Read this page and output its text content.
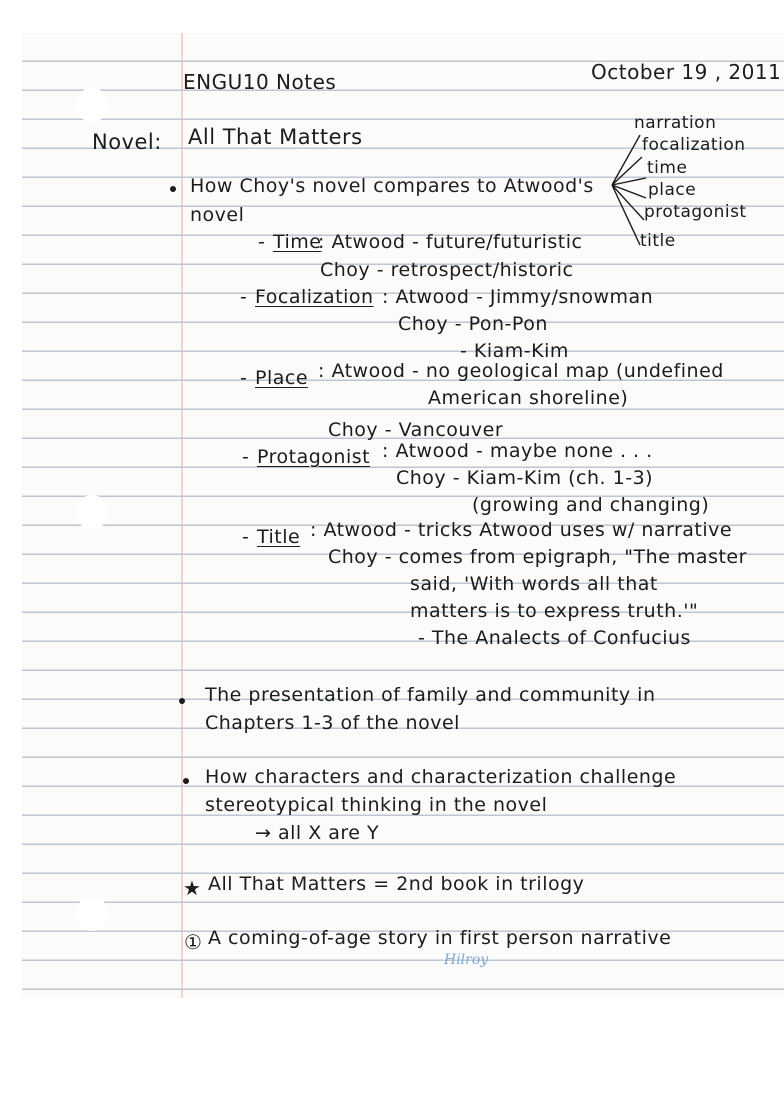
ENGU10 Notes	October 19 , 2011
Novel: All That Matters
narration
focalization
time
place
protagonist
title
How Choy's novel compares to Atwood's
novel
- Time
: Atwood - future/futuristic
Choy - retrospect/historic
- Focalization : Atwood - Jimmy/snowman
Choy - Pon-Pon
- Kiam-Kim
- Place : Atwood - no geological map (undefined
American shoreline)
Choy - Vancouver
- Protagonist : Atwood - maybe none . . .
Choy - Kiam-Kim (ch. 1-3)
(growing and changing)
- Title : Atwood - tricks Atwood uses w/ narrative
Choy - comes from epigraph, "The master
said, 'With words all that
matters is to express truth.'"
- The Analects of Confucius
The presentation of family and community in
Chapters 1-3 of the novel
How characters and characterization challenge
stereotypical thinking in the novel
→ all X are Y
★ All That Matters = 2nd book in trilogy
① A coming-of-age story in first person narrative
Hilroy
